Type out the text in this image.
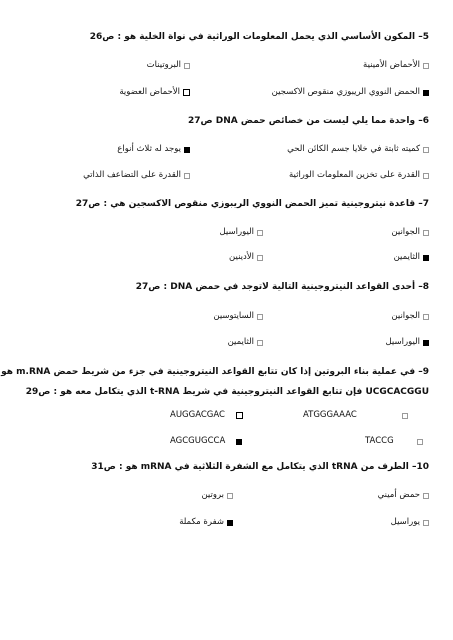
5– المكون الأساسي الذي يحمل المعلومات الوراثية في نواة الخلية هو : ص26
الأحماض الأمينية
البروتينات
الحمض النووي الريبوزي منقوص الاكسجين
الأحماض العضوية
6– واحدة مما يلي ليست من خصائص حمض DNA ص27
كميته ثابتة في خلايا جسم الكائن الحي
يوجد له ثلاث أنواع
القدرة على تخزين المعلومات الوراثية
القدرة على التضاعف الذاتي
7– قاعدة نيتروجينية تميز الحمض النووي الريبوزي منقوص الاكسجين هي : ص27
الجوانين
اليوراسيل
الثايمين
الأدينين
8– أحدى القواعد النيتروجينية التالية لاتوجد في حمض DNA : ص27
الجوانين
السايتوسين
اليوراسيل
الثايمين
9– في عملية بناء البروتين إذا كان تتابع القواعد النيتروجينية في جزء من شريط حمض m.RNA هو
UCGCACGGU فإن تتابع القواعد النيتروجينية في شريط t-RNA الذي يتكامل معه هو : ص29
ATGGGAAAC
AUGGACGAC
TACCG
AGCGUGCCA
10– الطرف من tRNA الذي يتكامل مع الشفرة الثلاثية في mRNA هو : ص31
حمض أميني
بروتين
يوراسيل
شفرة مكملة
